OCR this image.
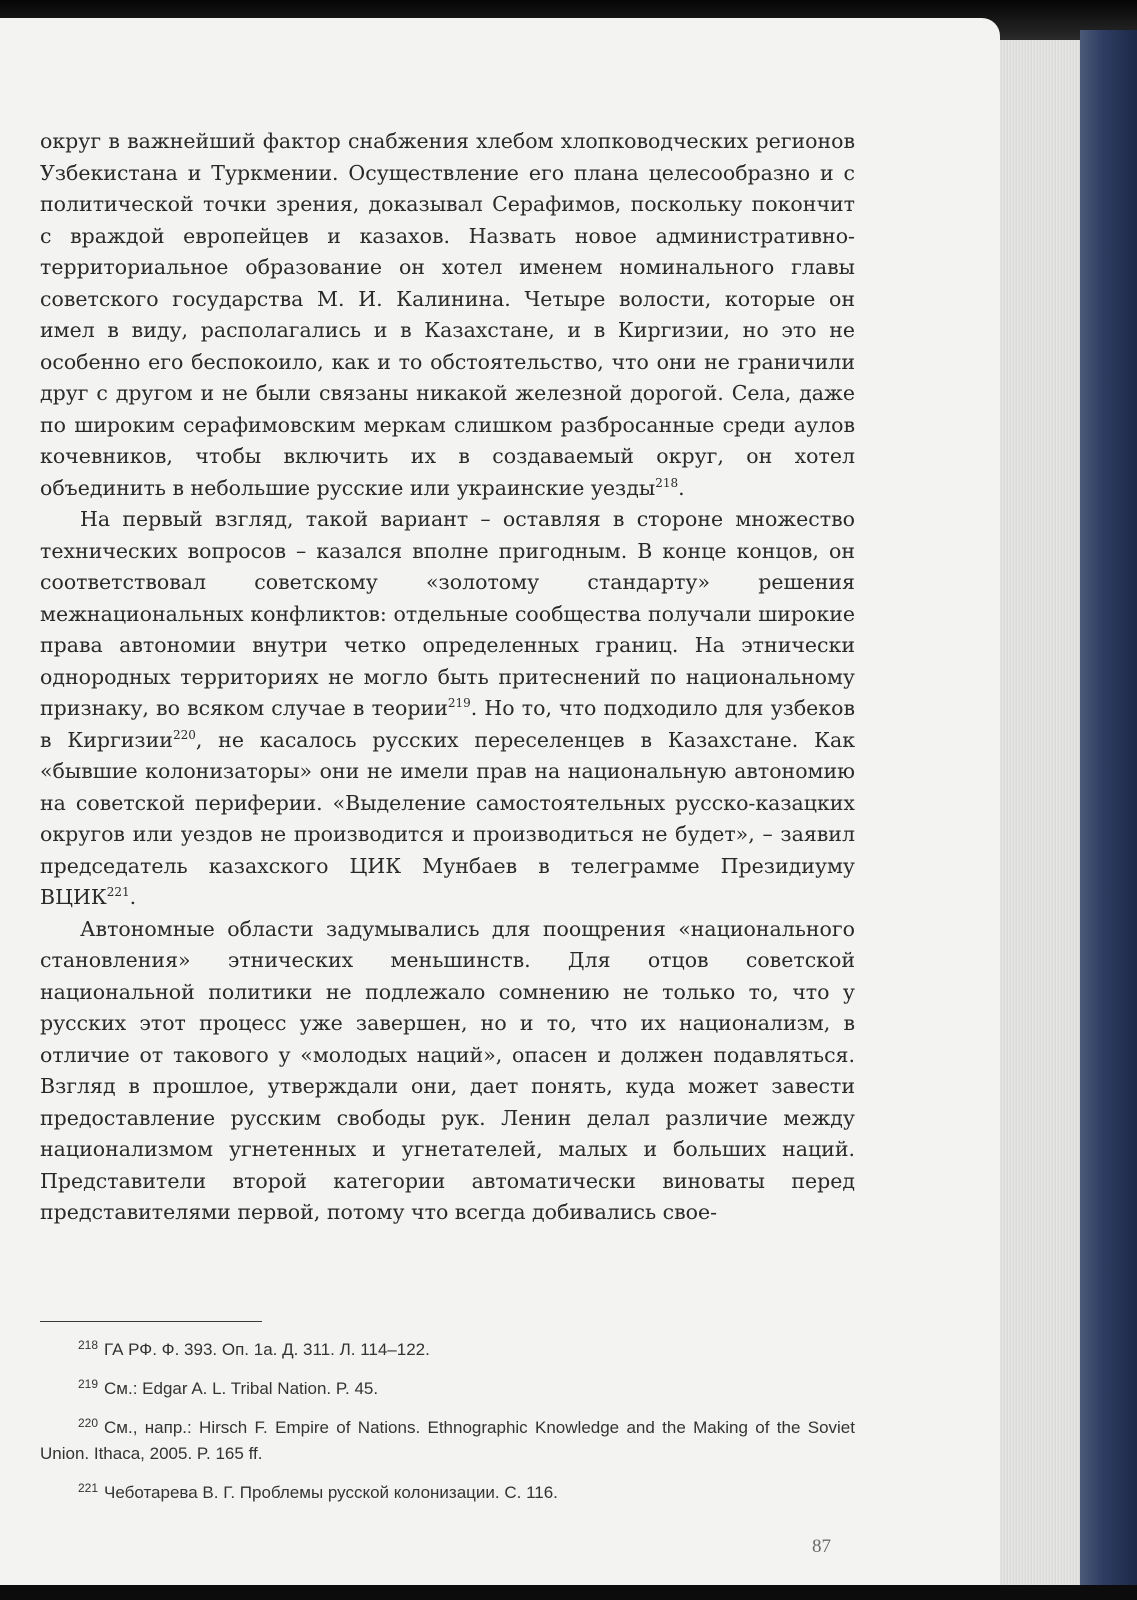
округ в важнейший фактор снабжения хлебом хлопководческих регионов Узбекистана и Туркмении. Осуществление его плана целесообразно и с политической точки зрения, доказывал Серафимов, поскольку покончит с враждой европейцев и казахов. Назвать новое административно-территориальное образование он хотел именем номинального главы советского государства М. И. Калинина. Четыре волости, которые он имел в виду, располагались и в Казахстане, и в Киргизии, но это не особенно его беспокоило, как и то обстоятельство, что они не граничили друг с другом и не были связаны никакой железной дорогой. Села, даже по широким серафимовским меркам слишком разбросанные среди аулов кочевников, чтобы включить их в создаваемый округ, он хотел объединить в небольшие русские или украинские уезды$^{218}$.

На первый взгляд, такой вариант – оставляя в стороне множество технических вопросов – казался вполне пригодным. В конце концов, он соответствовал советскому «золотому стандарту» решения межнациональных конфликтов: отдельные сообщества получали широкие права автономии внутри четко определенных границ. На этнически однородных территориях не могло быть притеснений по национальному признаку, во всяком случае в теории$^{219}$. Но то, что подходило для узбеков в Киргизии$^{220}$, не касалось русских переселенцев в Казахстане. Как «бывшие колонизаторы» они не имели прав на национальную автономию на советской периферии. «Выделение самостоятельных русско-казацких округов или уездов не производится и производиться не будет», – заявил председатель казахского ЦИК Мунбаев в телеграмме Президиуму ВЦИК$^{221}$.

Автономные области задумывались для поощрения «национального становления» этнических меньшинств. Для отцов советской национальной политики не подлежало сомнению не только то, что у русских этот процесс уже завершен, но и то, что их национализм, в отличие от такового у «молодых наций», опасен и должен подавляться. Взгляд в прошлое, утверждали они, дает понять, куда может завести предоставление русским свободы рук. Ленин делал различие между национализмом угнетенных и угнетателей, малых и больших наций. Представители второй категории автоматически виноваты перед представителями первой, потому что всегда добивались свое-

$^{218}$ ГА РФ. Ф. 393. Оп. 1а. Д. 311. Л. 114–122.

$^{219}$ См.: Edgar A. L. Tribal Nation. P. 45.

$^{220}$ См., напр.: Hirsch F. Empire of Nations. Ethnographic Knowledge and the Making of the Soviet Union. Ithaca, 2005. P. 165 ff.

$^{221}$ Чеботарева В. Г. Проблемы русской колонизации. С. 116.

87
